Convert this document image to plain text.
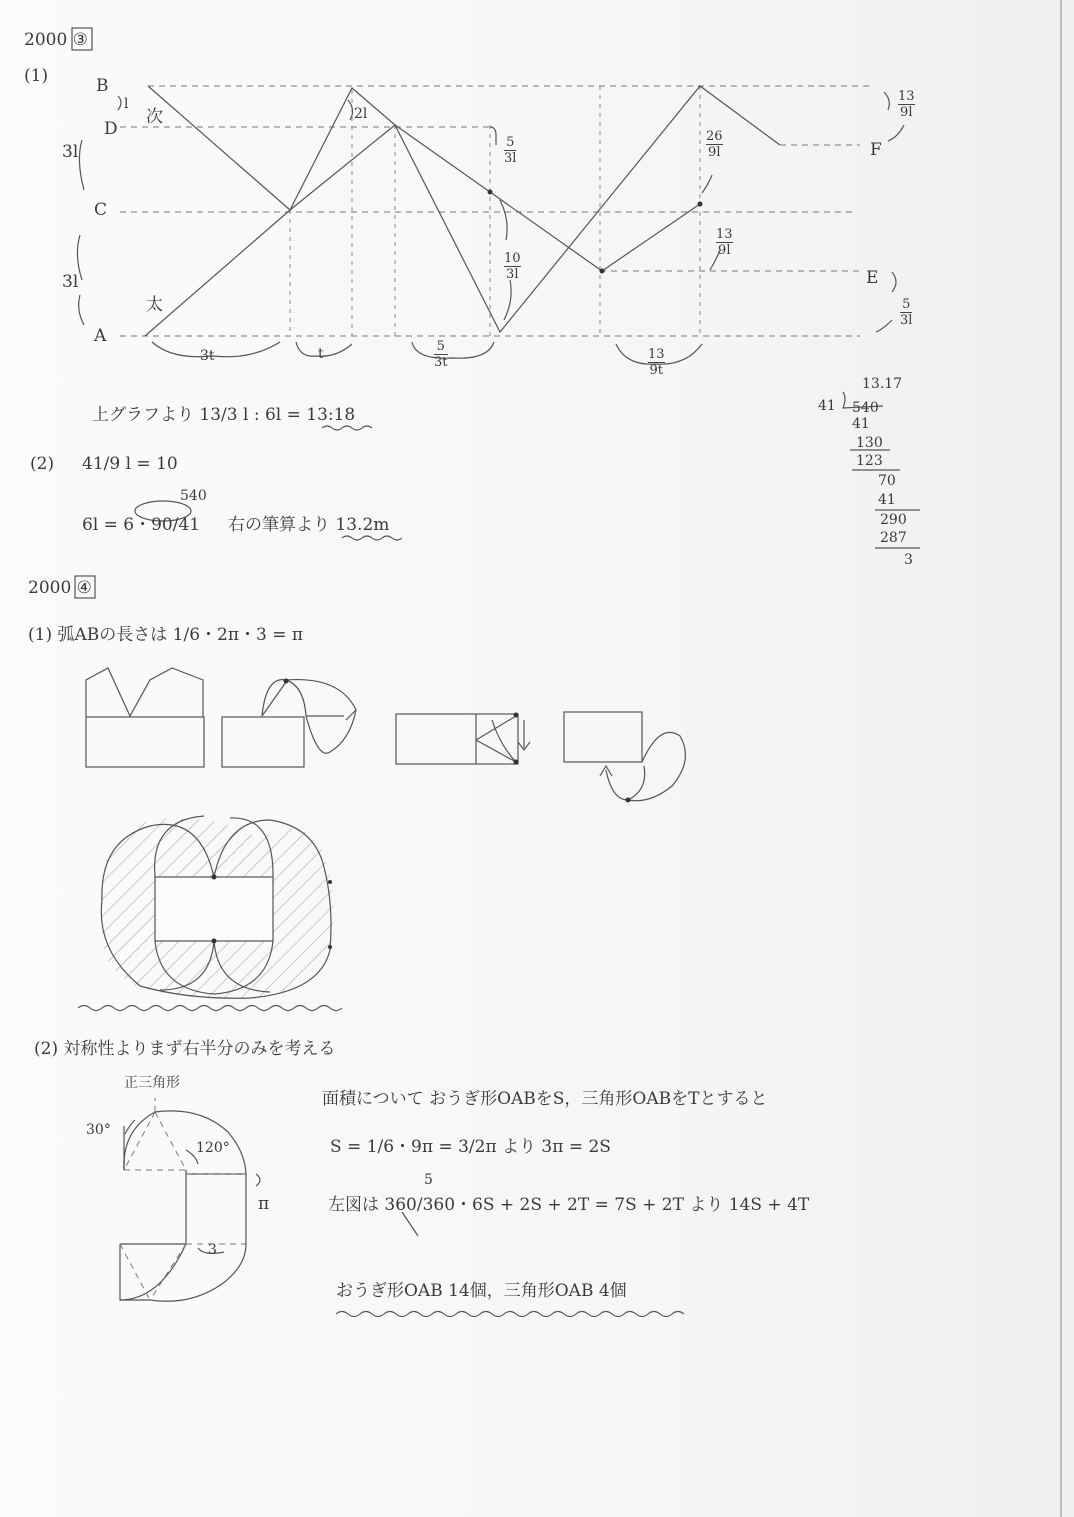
2000 ③
(1)	B
D
C
A
E
F
次
太
l
3l
3l
2l
5
3l
10
3l
26
9l
13
9l
13
9l
5
3l
3t	t	5
3t
13
9t
上グラフより 13/3 l : 6l = 13:18
(2) 41/9 l = 10
540
6l = 6・90/41 右の筆算より 13.2m
13.17
41 540
41
130
123
70
41
290
287
3
2000 ④
(1) 弧ABの長さは 1/6・2π・3 = π
(2) 対称性よりまず右半分のみを考える
正三角形
30°
120°
π
3
面積について おうぎ形OABをS，三角形OABをTとすると
S = 1/6・9π = 3/2π より 3π = 2S
5
左図は 360/360・6S + 2S + 2T = 7S + 2T より 14S + 4T
おうぎ形OAB 14個，三角形OAB 4個
